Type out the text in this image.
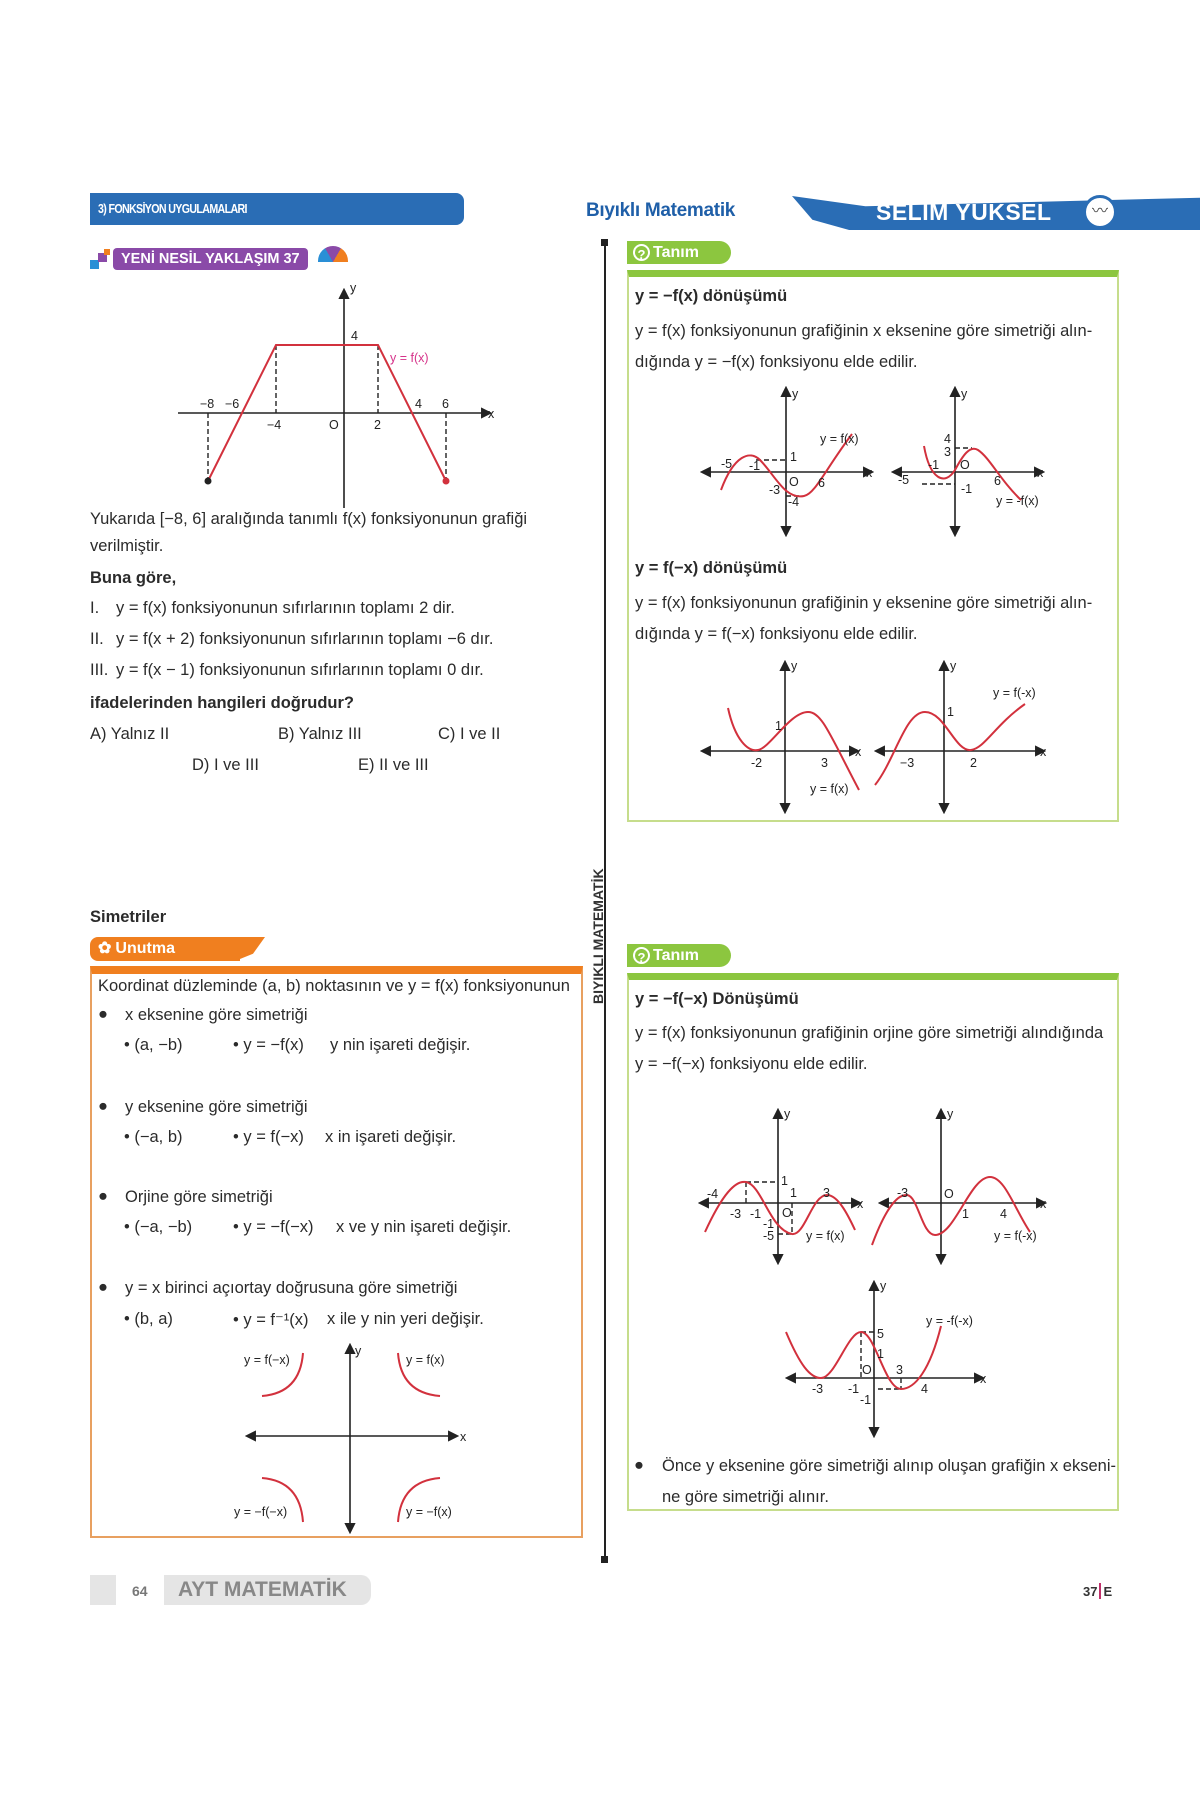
3) FONKSİYON UYGULAMALARI
YENİ NESİL YAKLAŞIM 37
Yukarıda [−8, 6] aralığında tanımlı f(x) fonksiyonunun grafiği
verilmiştir.
Buna göre,
I. y = f(x) fonksiyonunun sıfırlarının toplamı 2 dir.
II. y = f(x + 2) fonksiyonunun sıfırlarının toplamı −6 dır.
III. y = f(x − 1) fonksiyonunun sıfırlarının toplamı 0 dır.
ifadelerinden hangileri doğrudur?
A) Yalnız II	B) Yalnız III	C) I ve II
D) I ve III	E) II ve III
Simetriler
✿ Unutma
Koordinat düzleminde (a, b) noktasının ve y = f(x) fonksiyonunun
● x eksenine göre simetriği
• (a, −b)	• y = −f(x) y nin işareti değişir.
● y eksenine göre simetriği
• (−a, b)	• y = f(−x) x in işareti değişir.
● Orjine göre simetriği
• (−a, −b) • y = −f(−x) x ve y nin işareti değişir.
● y = x birinci açıortay doğrusuna göre simetriği
• (b, a)	• y = f⁻¹(x) x ile y nin yeri değişir.
64	AYT MATEMATİK
Bıyıklı Matematik	SELİM YÜKSEL	〰
BIYIKLI MATEMATİK
? Tanım
y = −f(x) dönüşümü
y = f(x) fonksiyonunun grafiğinin x eksenine göre simetriği alın-
dığında y = −f(x) fonksiyonu elde edilir.
y = f(−x) dönüşümü
y = f(x) fonksiyonunun grafiğinin y eksenine göre simetriği alın-
dığında y = f(−x) fonksiyonu elde edilir.
? Tanım
y = −f(−x) Dönüşümü
y = f(x) fonksiyonunun grafiğinin orjine göre simetriği alındığında
y = −f(−x) fonksiyonu elde edilir.
● Önce y eksenine göre simetriği alınıp oluşan grafiğin x ekseni-
ne göre simetriği alınır.
37 E
y
x
4
y = f(x)
−8 −6
−4	O	2
4 6
y
x
y = f(−x)	y = f(x)
y = −f(−x)	y = −f(x)
y
x
y = f(x)
1
-5 -1
O 6
-3
-4
y
x
y = -f(x)
4
3
-1 O
-5	6
-1
y
x
y = f(x)
1
-2	3
y
x
y = f(-x)
1
−3	2
y
x
y = f(x)
-4
1
1 3
-3 -1 O
-1
-5
y
x
y = f(-x)
-3	O
1 4
y
x
y = -f(-x)
5
1
O 3
-3 -1	4
-1
